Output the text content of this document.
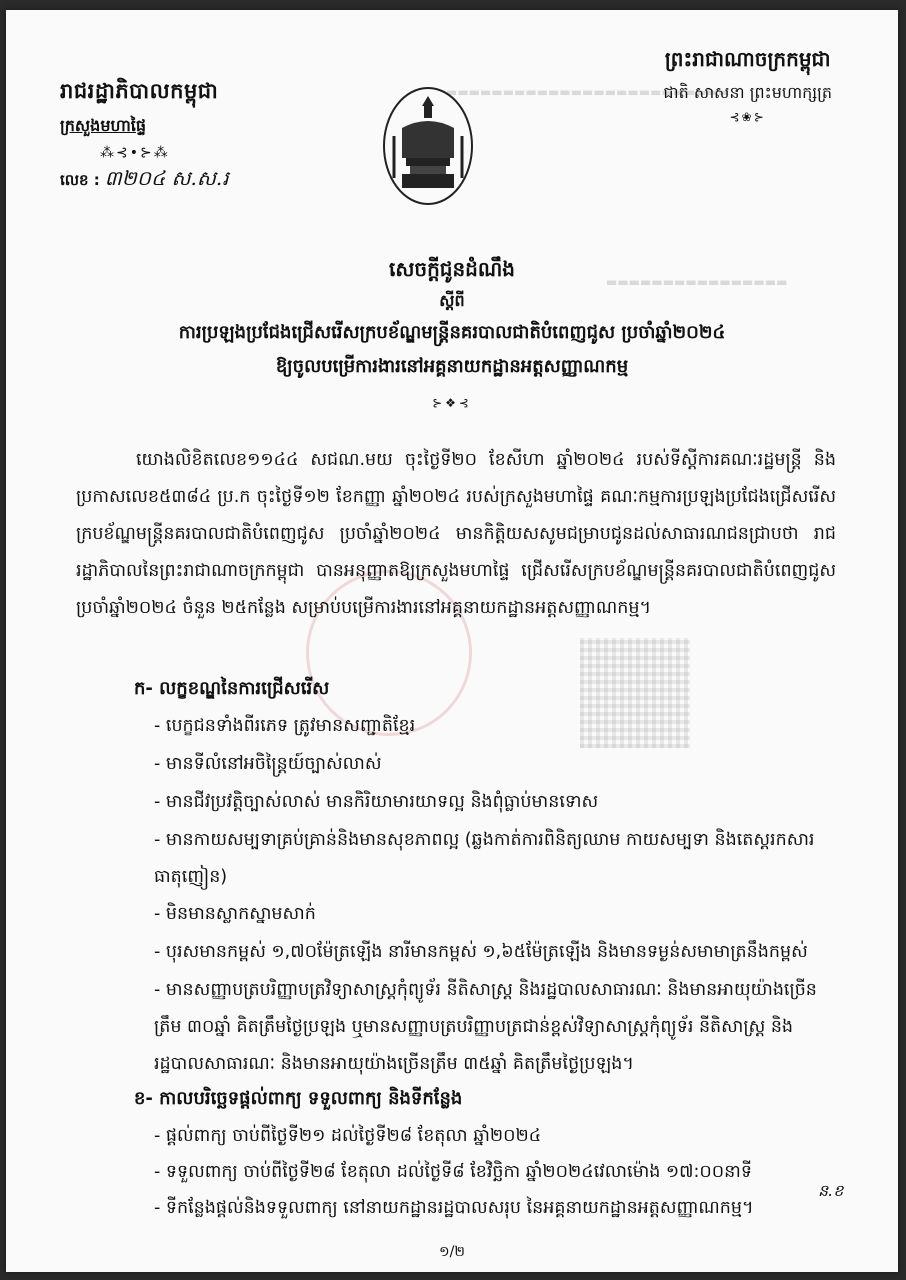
▬▬▬▬▬▬▬▬▬▬▬▬▬▬▬▬▬▬▬▬▬▬▬▬▬
▬▬▬▬▬▬▬▬▬▬▬▬▬▬▬▬
រាជរដ្ឋាភិបាលកម្ពុជា
ក្រសួងមហាផ្ទៃ
⁂⊰•⊱⁂
លេខ : ៣២០៤ ស.ស.រ
ព្រះរាជាណាចក្រកម្ពុជា
ជាតិ សាសនា ព្រះមហាក្សត្រ
⊰❀⊱
សេចក្តីជូនដំណឹង
ស្តីពី
ការប្រឡងប្រជែងជ្រើសរើសក្របខ័ណ្ឌមន្ត្រីនគរបាលជាតិបំពេញជូស ប្រចាំឆ្នាំ២០២៤
ឱ្យចូលបម្រើការងារនៅអគ្គនាយកដ្ឋានអត្តសញ្ញាណកម្ម
⊱❖⊰
យោងលិខិតលេខ១១៤៤ សជណ.មយ ចុះថ្ងៃទី២០ ខែសីហា ឆ្នាំ២០២៤ របស់ទីស្តីការគណៈរដ្ឋមន្ត្រី និងប្រកាសលេខ៥៣៨៤ ប្រ.ក ចុះថ្ងៃទី១២ ខែកញ្ញា ឆ្នាំ២០២៤ របស់ក្រសួងមហាផ្ទៃ គណៈកម្មការប្រឡងប្រជែងជ្រើសរើសក្របខ័ណ្ឌមន្ត្រីនគរបាលជាតិបំពេញជូស ប្រចាំឆ្នាំ២០២៤ មានកិត្តិយសសូមជម្រាបជូនដល់សាធារណជនជ្រាបថា រាជរដ្ឋាភិបាលនៃព្រះរាជាណាចក្រកម្ពុជា បានអនុញ្ញាតឱ្យក្រសួងមហាផ្ទៃ ជ្រើសរើសក្របខ័ណ្ឌមន្ត្រីនគរបាលជាតិបំពេញជូស ប្រចាំឆ្នាំ២០២៤ ចំនួន ២៥កន្លែង សម្រាប់បម្រើការងារនៅអគ្គនាយកដ្ឋានអត្តសញ្ញាណកម្ម។
ក- លក្ខខណ្ឌនៃការជ្រើសរើស
- បេក្ខជនទាំងពីរភេទ ត្រូវមានសញ្ជាតិខ្មែរ
- មានទីលំនៅអចិន្ត្រៃយ៍ច្បាស់លាស់
- មានជីវប្រវត្តិច្បាស់លាស់ មានកិរិយាមារយាទល្អ និងពុំធ្លាប់មានទោស
- មានកាយសម្បទាគ្រប់គ្រាន់និងមានសុខភាពល្អ (ឆ្លងកាត់ការពិនិត្យឈាម កាយសម្បទា និងតេស្តរកសារធាតុញៀន)
- មិនមានស្លាកស្នាមសាក់
- បុរសមានកម្ពស់ ១,៧០ម៉ែត្រឡើង នារីមានកម្ពស់ ១,៦៥ម៉ែត្រឡើង និងមានទម្ងន់សមាមាត្រនឹងកម្ពស់
- មានសញ្ញាបត្របរិញ្ញាបត្រវិទ្យាសាស្ត្រកុំព្យូទ័រ នីតិសាស្ត្រ និងរដ្ឋបាលសាធារណៈ និងមានអាយុយ៉ាងច្រើនត្រឹម ៣០ឆ្នាំ គិតត្រឹមថ្ងៃប្រឡង ឬមានសញ្ញាបត្របរិញ្ញាបត្រជាន់ខ្ពស់វិទ្យាសាស្ត្រកុំព្យូទ័រ នីតិសាស្ត្រ និងរដ្ឋបាលសាធារណៈ និងមានអាយុយ៉ាងច្រើនត្រឹម ៣៥ឆ្នាំ គិតត្រឹមថ្ងៃប្រឡង។
ខ- កាលបរិច្ឆេទផ្តល់ពាក្យ ទទួលពាក្យ និងទីកន្លែង
- ផ្តល់ពាក្យ ចាប់ពីថ្ងៃទី២១ ដល់ថ្ងៃទី២៨ ខែតុលា ឆ្នាំ២០២៤
- ទទួលពាក្យ ចាប់ពីថ្ងៃទី២៨ ខែតុលា ដល់ថ្ងៃទី៨ ខែវិច្ឆិកា ឆ្នាំ២០២៤វេលាម៉ោង ១៧:០០នាទី
- ទីកន្លែងផ្តល់និងទទួលពាក្យ នៅនាយកដ្ឋានរដ្ឋបាលសរុប នៃអគ្គនាយកដ្ឋានអត្តសញ្ញាណកម្ម។
ន.ខ
១/២
